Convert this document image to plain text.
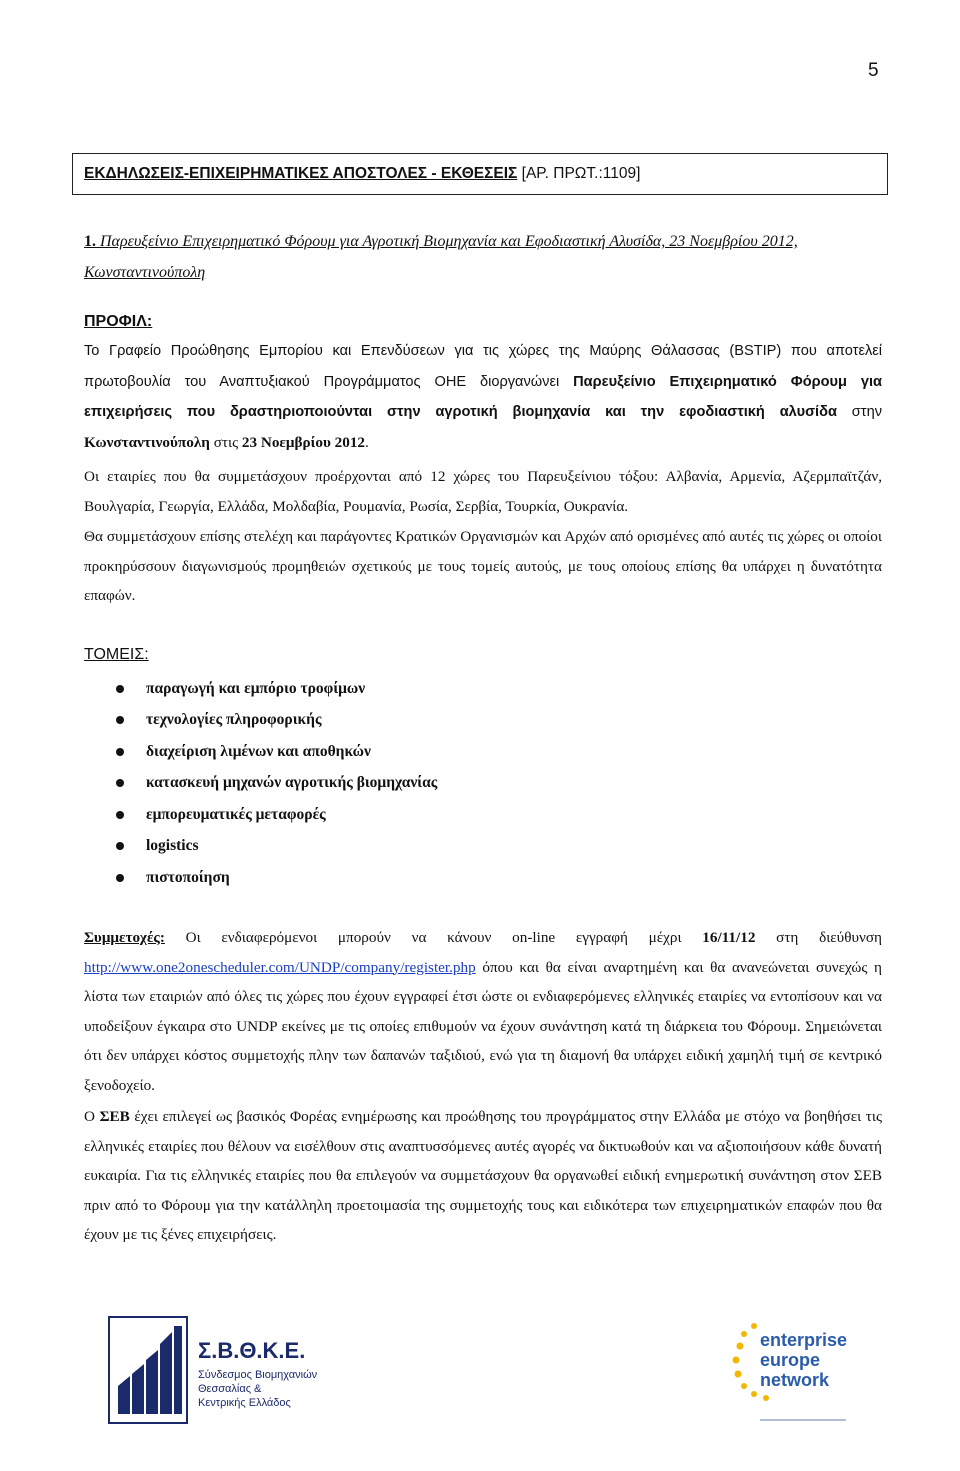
5
ΕΚΔΗΛΩΣΕΙΣ-ΕΠΙΧΕΙΡΗΜΑΤΙΚΕΣ ΑΠΟΣΤΟΛΕΣ - ΕΚΘΕΣΕΙΣ [ΑΡ. ΠΡΩΤ.:1109]
1. Παρευξείνιο Επιχειρηματικό Φόρουμ για Αγροτική Βιομηχανία και Εφοδιαστική Αλυσίδα, 23 Νοεμβρίου 2012, Κωνσταντινούπολη
ΠΡΟΦΙΛ:
Το Γραφείο Προώθησης Εμπορίου και Επενδύσεων για τις χώρες της Μαύρης Θάλασσας (BSTIP) που αποτελεί πρωτοβουλία του Αναπτυξιακού Προγράμματος ΟΗΕ διοργανώνει Παρευξείνιο Επιχειρηματικό Φόρουμ για επιχειρήσεις που δραστηριοποιούνται στην αγροτική βιομηχανία και την εφοδιαστική αλυσίδα στην Κωνσταντινούπολη στις 23 Νοεμβρίου 2012.
Οι εταιρίες που θα συμμετάσχουν προέρχονται από 12 χώρες του Παρευξείνιου τόξου: Αλβανία, Αρμενία, Αζερμπαϊτζάν, Βουλγαρία, Γεωργία, Ελλάδα, Μολδαβία, Ρουμανία, Ρωσία, Σερβία, Τουρκία, Ουκρανία.
Θα συμμετάσχουν επίσης στελέχη και παράγοντες Κρατικών Οργανισμών και Αρχών από ορισμένες από αυτές τις χώρες οι οποίοι προκηρύσσουν διαγωνισμούς προμηθειών σχετικούς με τους τομείς αυτούς, με τους οποίους επίσης θα υπάρχει η δυνατότητα επαφών.
ΤΟΜΕΙΣ:
παραγωγή και εμπόριο τροφίμων
τεχνολογίες πληροφορικής
διαχείριση λιμένων και αποθηκών
κατασκευή μηχανών αγροτικής βιομηχανίας
εμπορευματικές μεταφορές
logistics
πιστοποίηση
Συμμετοχές: Οι ενδιαφερόμενοι μπορούν να κάνουν on-line εγγραφή μέχρι 16/11/12 στη διεύθυνση http://www.one2onescheduler.com/UNDP/company/register.php όπου και θα είναι αναρτημένη και θα ανανεώνεται συνεχώς η λίστα των εταιριών από όλες τις χώρες που έχουν εγγραφεί έτσι ώστε οι ενδιαφερόμενες ελληνικές εταιρίες να εντοπίσουν και να υποδείξουν έγκαιρα στο UNDP εκείνες με τις οποίες επιθυμούν να έχουν συνάντηση κατά τη διάρκεια του Φόρουμ. Σημειώνεται ότι δεν υπάρχει κόστος συμμετοχής πλην των δαπανών ταξιδιού, ενώ για τη διαμονή θα υπάρχει ειδική χαμηλή τιμή σε κεντρικό ξενοδοχείο.
Ο ΣΕΒ έχει επιλεγεί ως βασικός Φορέας ενημέρωσης και προώθησης του προγράμματος στην Ελλάδα με στόχο να βοηθήσει τις ελληνικές εταιρίες που θέλουν να εισέλθουν στις αναπτυσσόμενες αυτές αγορές να δικτυωθούν και να αξιοποιήσουν κάθε δυνατή ευκαιρία. Για τις ελληνικές εταιρίες που θα επιλεγούν να συμμετάσχουν θα οργανωθεί ειδική ενημερωτική συνάντηση στον ΣΕΒ πριν από το Φόρουμ για την κατάλληλη προετοιμασία της συμμετοχής τους και ειδικότερα των επιχειρηματικών επαφών που θα έχουν με τις ξένες επιχειρήσεις.
Σ.Β.Θ.Κ.Ε.
Σύνδεσμος Βιομηχανιών
Θεσσαλίας &
Κεντρικής Ελλάδος
enterprise
europe
network
